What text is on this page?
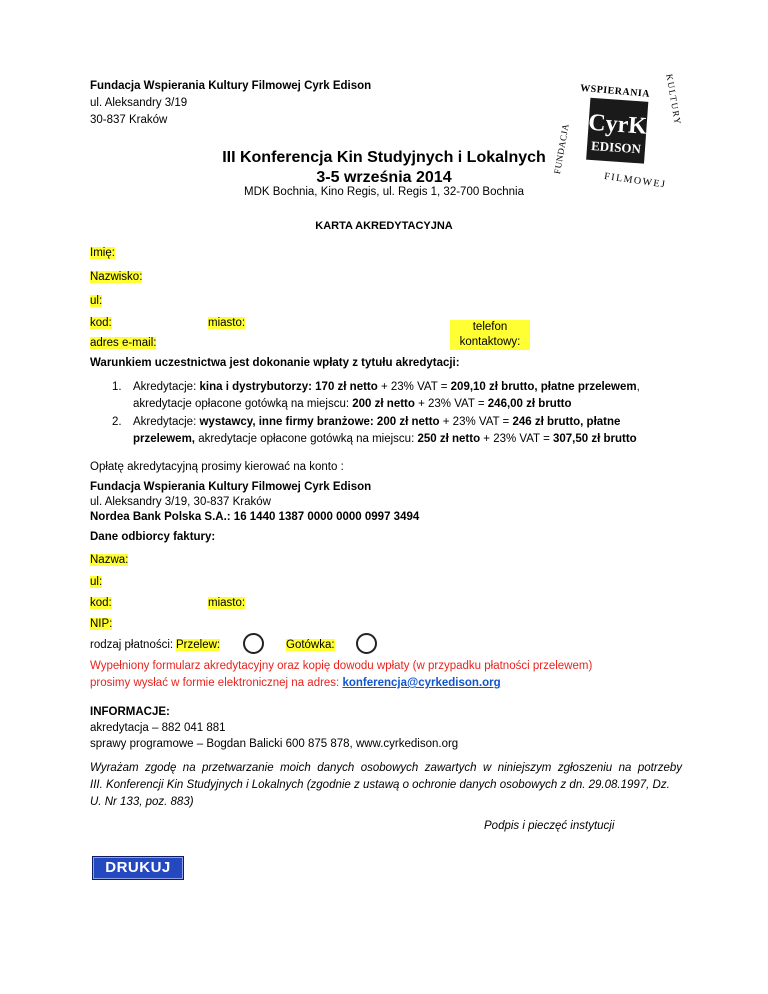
Fundacja Wspierania Kultury Filmowej Cyrk Edison
ul. Aleksandry 3/19
30-837 Kraków
WSPIERANIA
FUNDACJA
KULTURY
FILMOWEJ
CyrK
EDISON
III Konferencja Kin Studyjnych i Lokalnych
3-5 września 2014
MDK Bochnia, Kino Regis, ul. Regis 1, 32-700 Bochnia
KARTA AKREDYTACYJNA
Imię:
Nazwisko:
ul:
kod:	miasto:	telefon
kontaktowy:
adres e-mail:
Warunkiem uczestnictwa jest dokonanie wpłaty z tytułu akredytacji:
1. Akredytacje: kina i dystrybutorzy: 170 zł netto + 23% VAT = 209,10 zł brutto, płatne przelewem,
akredytacje opłacone gotówką na miejscu: 200 zł netto + 23% VAT = 246,00 zł brutto
2. Akredytacje: wystawcy, inne firmy branżowe: 200 zł netto + 23% VAT = 246 zł brutto, płatne
przelewem, akredytacje opłacone gotówką na miejscu: 250 zł netto + 23% VAT = 307,50 zł brutto
Opłatę akredytacyjną prosimy kierować na konto :
Fundacja Wspierania Kultury Filmowej Cyrk Edison
ul. Aleksandry 3/19, 30-837 Kraków
Nordea Bank Polska S.A.: 16 1440 1387 0000 0000 0997 3494
Dane odbiorcy faktury:
Nazwa:
ul:
kod:	miasto:
NIP:
rodzaj płatności: Przelew:	Gotówka:
Wypełniony formularz akredytacyjny oraz kopię dowodu wpłaty (w przypadku płatności przelewem)
prosimy wysłać w formie elektronicznej na adres: konferencja@cyrkedison.org
INFORMACJE:
akredytacja – 882 041 881
sprawy programowe – Bogdan Balicki 600 875 878, www.cyrkedison.org
Wyrażam zgodę na przetwarzanie moich danych osobowych zawartych w niniejszym zgłoszeniu na potrzeby
III. Konferencji Kin Studyjnych i Lokalnych (zgodnie z ustawą o ochronie danych osobowych z dn. 29.08.1997, Dz.
U. Nr 133, poz. 883)
Podpis i pieczęć instytucji
DRUKUJ
